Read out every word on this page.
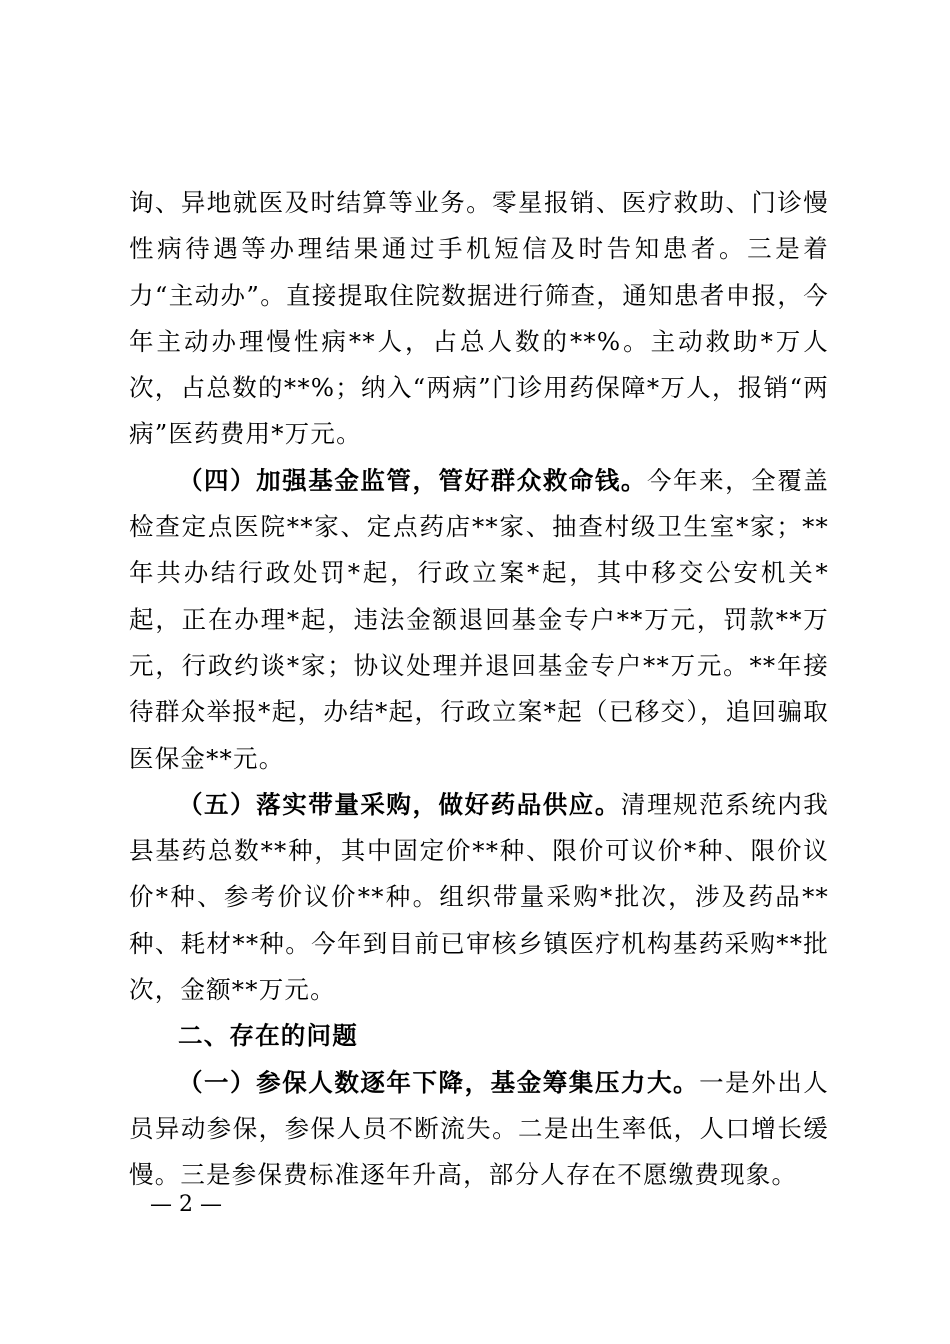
询、异地就医及时结算等业务。零星报销、医疗救助、门诊慢性病待遇等办理结果通过手机短信及时告知患者。三是着力“主动办”。直接提取住院数据进行筛查，通知患者申报，今年主动办理慢性病**人，占总人数的**%。主动救助*万人次，占总数的**%；纳入“两病”门诊用药保障*万人，报销“两病”医药费用*万元。

（四）加强基金监管，管好群众救命钱。今年来，全覆盖检查定点医院**家、定点药店**家、抽查村级卫生室*家；**年共办结行政处罚*起，行政立案*起，其中移交公安机关*起，正在办理*起，违法金额退回基金专户**万元，罚款**万元，行政约谈*家；协议处理并退回基金专户**万元。**年接待群众举报*起，办结*起，行政立案*起（已移交），追回骗取医保金**元。

（五）落实带量采购，做好药品供应。清理规范系统内我县基药总数**种，其中固定价**种、限价可议价*种、限价议价*种、参考价议价**种。组织带量采购*批次，涉及药品**种、耗材**种。今年到目前已审核乡镇医疗机构基药采购**批次，金额**万元。

二、存在的问题

（一）参保人数逐年下降，基金筹集压力大。一是外出人员异动参保，参保人员不断流失。二是出生率低，人口增长缓慢。三是参保费标准逐年升高，部分人存在不愿缴费现象。

— 2 —
